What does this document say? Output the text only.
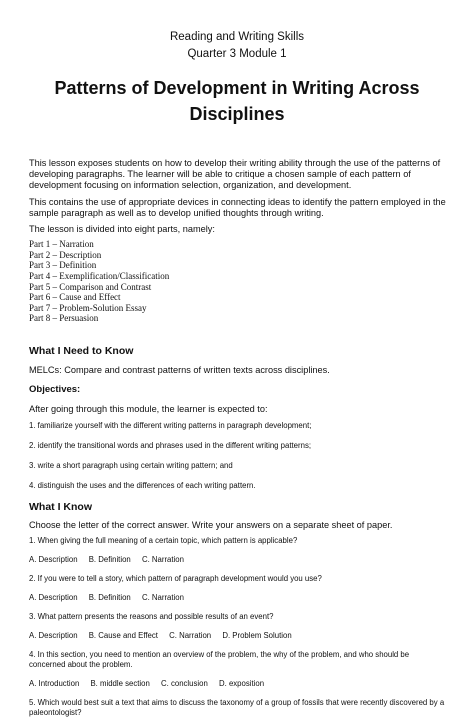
Reading and Writing Skills
Quarter 3 Module 1
Patterns of Development in Writing Across
Disciplines

This lesson exposes students on how to develop their writing ability through the use of the patterns of developing paragraphs. The learner will be able to critique a chosen sample of each pattern of development focusing on information selection, organization, and development.

This contains the use of appropriate devices in connecting ideas to identify the pattern employed in the sample paragraph as well as to develop unified thoughts through writing.

The lesson is divided into eight parts, namely:

Part 1 – Narration

Part 2 – Description

Part 3 – Definition

Part 4 – Exemplification/Classification

Part 5 – Comparison and Contrast

Part 6 – Cause and Effect

Part 7 – Problem-Solution Essay

Part 8 – Persuasion

What I Need to Know

MELCs: Compare and contrast patterns of written texts across disciplines.

Objectives:

After going through this module, the learner is expected to:

1. familiarize yourself with the different writing patterns in paragraph development;

2. identify the transitional words and phrases used in the different writing patterns;

3. write a short paragraph using certain writing pattern; and

4. distinguish the uses and the differences of each writing pattern.

What I Know

Choose the letter of the correct answer. Write your answers on a separate sheet of paper.

1. When giving the full meaning of a certain topic, which pattern is applicable?

A. Description B. Definition C. Narration

2. If you were to tell a story, which pattern of paragraph development would you use?

A. Description B. Definition C. Narration

3. What pattern presents the reasons and possible results of an event?

A. Description B. Cause and Effect C. Narration D. Problem Solution

4. In this section, you need to mention an overview of the problem, the why of the problem, and who should be concerned about the problem.

A. Introduction B. middle section C. conclusion D. exposition

5. Which would best suit a text that aims to discuss the taxonomy of a group of fossils that were recently discovered by a paleontologist?
